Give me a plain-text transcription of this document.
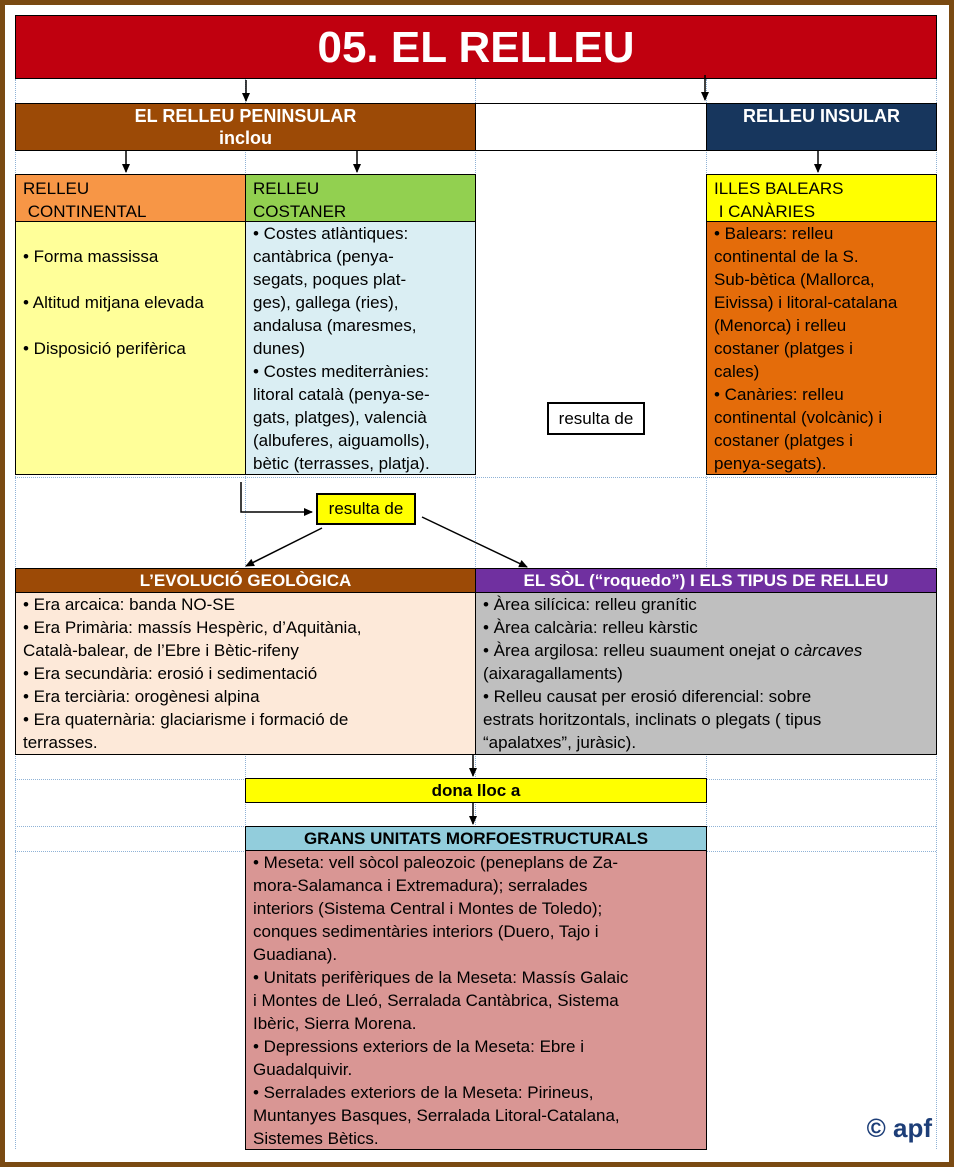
05. EL RELLEU
EL RELLEU PENINSULAR
inclou
RELLEU INSULAR
RELLEU
CONTINENTAL
• Forma massissa
• Altitud mitjana elevada
• Disposició perifèrica
RELLEU
COSTANER
• Costes atlàntiques:
cantàbrica (penya-
segats, poques plat-
ges), gallega (ries),
andalusa (maresmes,
dunes)
• Costes mediterrànies:
litoral català (penya-se-
gats, platges), valencià
(albuferes, aiguamolls),
bètic (terrasses, platja).
ILLES BALEARS
I CANÀRIES
• Balears: relleu
continental de la S.
Sub-bètica (Mallorca,
Eivissa) i litoral-catalana
(Menorca) i relleu
costaner (platges i
cales)
• Canàries: relleu
continental (volcànic) i
costaner (platges i
penya-segats).
resulta de
resulta de
L’EVOLUCIÓ GEOLÒGICA
• Era arcaica: banda NO-SE
• Era Primària: massís Hespèric, d’Aquitània,
Català-balear, de l’Ebre i Bètic-rifeny
• Era secundària: erosió i sedimentació
• Era terciària: orogènesi alpina
• Era quaternària: glaciarisme i formació de
terrasses.
EL SÒL (“roquedo”) I ELS TIPUS DE RELLEU
• Àrea silícica: relleu granític
• Àrea calcària: relleu kàrstic
• Àrea argilosa: relleu suaument onejat o càrcaves
(aixaragallaments)
• Relleu causat per erosió diferencial: sobre
estrats horitzontals, inclinats o plegats ( tipus
“apalatxes”, juràsic).
dona lloc a
GRANS UNITATS MORFOESTRUCTURALS
• Meseta: vell sòcol paleozoic (peneplans de Za-
mora-Salamanca i Extremadura); serralades
interiors (Sistema Central i Montes de Toledo);
conques sedimentàries interiors (Duero, Tajo i
Guadiana).
• Unitats perifèriques de la Meseta: Massís Galaic
i Montes de Lleó, Serralada Cantàbrica, Sistema
Ibèric, Sierra Morena.
• Depressions exteriors de la Meseta: Ebre i
Guadalquivir.
• Serralades exteriors de la Meseta: Pirineus,
Muntanyes Basques, Serralada Litoral-Catalana,
Sistemes Bètics.	© apf
